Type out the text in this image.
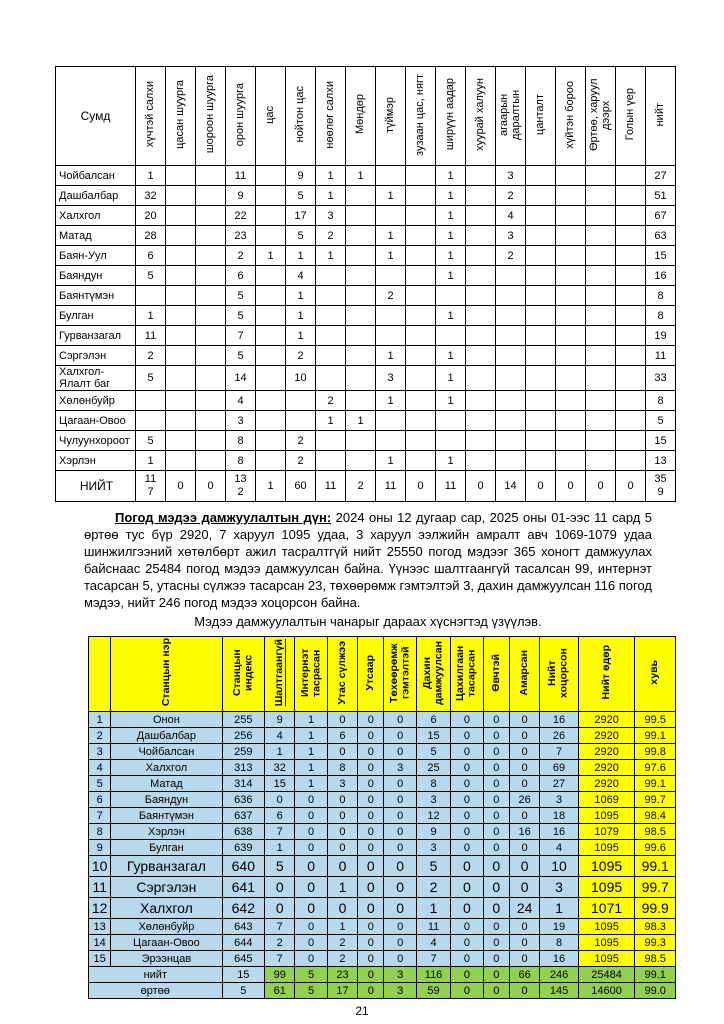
Сумд	хүчтэй салхи	цасан шуурга	шороон шуурга	орон шуурга	цас	нойтон цас	нөөлөг салхи	Мөндөр	түймэр	зузаан цас, нягт	ширүүн аадар	хуурай халуун	агаарын даралтын	цанталт	хүйтэн бороо	Өртөө, харуул дээрх	Голын үер	нийт
Чойбалсан	1			11		9	1	1			1		3					27
Дашбалбар	32			9		5	1		1		1		2					51
Халхгол	20			22		17	3				1		4					67
Матад	28			23		5	2		1		1		3					63
Баян-Уул	6			2	1	1	1		1		1		2					15
Баяндун	5			6		4					1							16
Баянтүмэн				5		1			2									8
Булган	1			5		1					1							8
Гурванзагал	11			7		1												19
Сэргэлэн	2			5		2			1		1							11
Халхгол-Ялалт баг	5			14		10			3		1							33
Хөлөнбуйр				4			2		1		1							8
Цагаан-Овоо				3			1	1										5
Чулуунхороот	5			8		2												15
Хэрлэн	1			8		2			1		1							13
НИЙТ	117	0	0	132	1	60	11	2	11	0	11	0	14	0	0	0	0	359

Погод мэдээ дамжуулалтын дүн: 2024 оны 12 дугаар сар, 2025 оны 01-ээс 11 сард 5 өртөө тус бүр 2920, 7 харуул 1095 удаа, 3 харуул ээлжийн амралт авч 1069-1079 удаа шинжилгээний хөтөлбөрт ажил тасралтгүй нийт 25550 погод мэдээг 365 хоногт дамжуулах байснаас 25484 погод мэдээ дамжуулсан байна. Үүнээс шалтгаангүй тасалсан 99, интернэт тасарсан 5, утасны сүлжээ тасарсан 23, төхөөрөмж гэмтэлтэй 3, дахин дамжуулсан 116 погод мэдээ, нийт 246 погод мэдээ хоцорсон байна.

Мэдээ дамжуулалтын чанарыг дараах хүснэгтэд үзүүлэв.

	Станцын нэр	Станцын индекс	Шалтгаангүй	Интернэт тасрасан	Утас сүлжээ	Утсаар	Төхөөрөмж гэмтэлтэй	Дахин дамжуулсан	Цахилгаан тасарсан	Өвчтэй	Амарсан	Нийт хоцорсон	Нийт өдөр	хувь
1	Онон	255	9	1	0	0	0	6	0	0	0	16	2920	99.5
2	Дашбалбар	256	4	1	6	0	0	15	0	0	0	26	2920	99.1
3	Чойбалсан	259	1	1	0	0	0	5	0	0	0	7	2920	99.8
4	Халхгол	313	32	1	8	0	3	25	0	0	0	69	2920	97.6
5	Матад	314	15	1	3	0	0	8	0	0	0	27	2920	99.1
6	Баяндун	636	0	0	0	0	0	3	0	0	26	3	1069	99.7
7	Баянтүмэн	637	6	0	0	0	0	12	0	0	0	18	1095	98.4
8	Хэрлэн	638	7	0	0	0	0	9	0	0	16	16	1079	98.5
9	Булган	639	1	0	0	0	0	3	0	0	0	4	1095	99.6
10	Гурванзагал	640	5	0	0	0	0	5	0	0	0	10	1095	99.1
11	Сэргэлэн	641	0	0	1	0	0	2	0	0	0	3	1095	99.7
12	Халхгол	642	0	0	0	0	0	1	0	0	24	1	1071	99.9
13	Хөлөнбуйр	643	7	0	1	0	0	11	0	0	0	19	1095	98.3
14	Цагаан-Овоо	644	2	0	2	0	0	4	0	0	0	8	1095	99.3
15	Эрээнцав	645	7	0	2	0	0	7	0	0	0	16	1095	98.5
нийт		15	99	5	23	0	3	116	0	0	66	246	25484	99.1
өртөө		5	61	5	17	0	3	59	0	0	0	145	14600	99.0
21
